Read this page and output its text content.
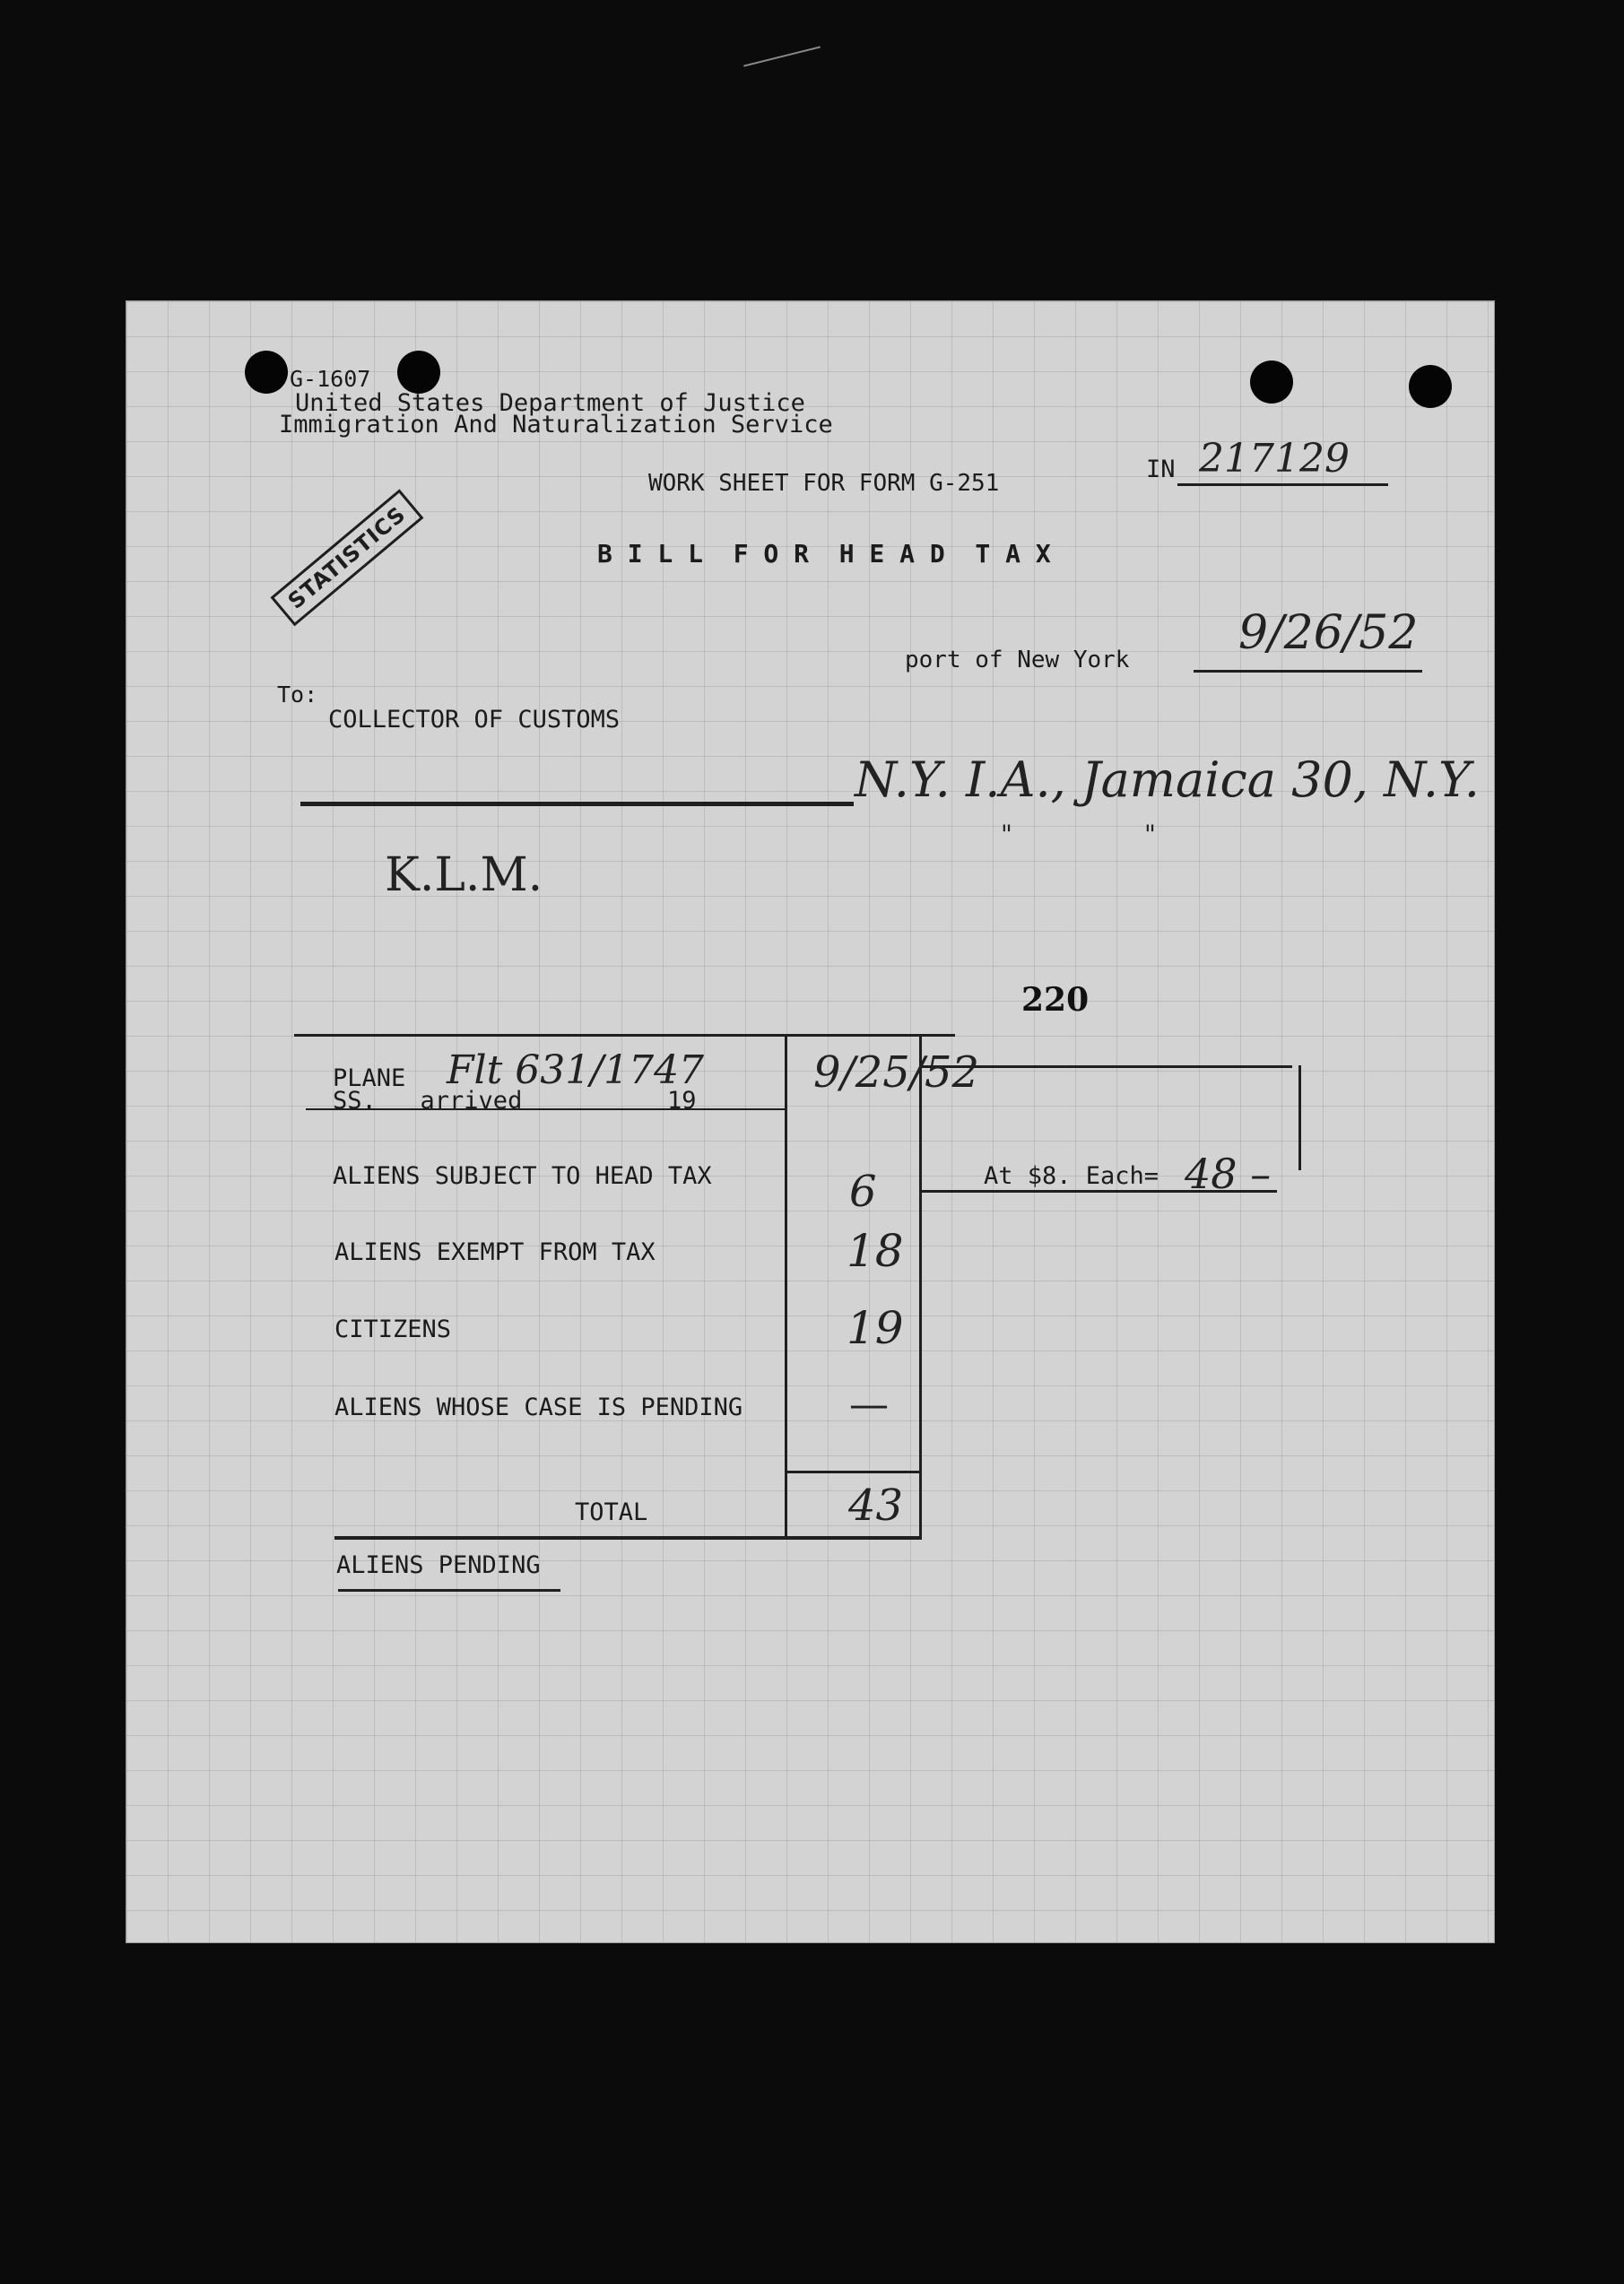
G-1607
United States Department of Justice
Immigration And Naturalization Service
WORK SHEET FOR FORM G-251	IN 217129
STATISTICS	B I L L  F O R  H E A D  T A X
port of New York 9/26/52
To:
COLLECTOR OF CUSTOMS
N.Y. I.A., Jamaica 30, N.Y.
"	"
K.L.M.
220
PLANE Flt 631/1747
SS.   arrived	19
9/25/52
ALIENS SUBJECT TO HEAD TAX	6
ALIENS EXEMPT FROM TAX	18
CITIZENS	19
ALIENS WHOSE CASE IS PENDING	—
TOTAL	43
At $8. Each= 48 –
ALIENS PENDING
